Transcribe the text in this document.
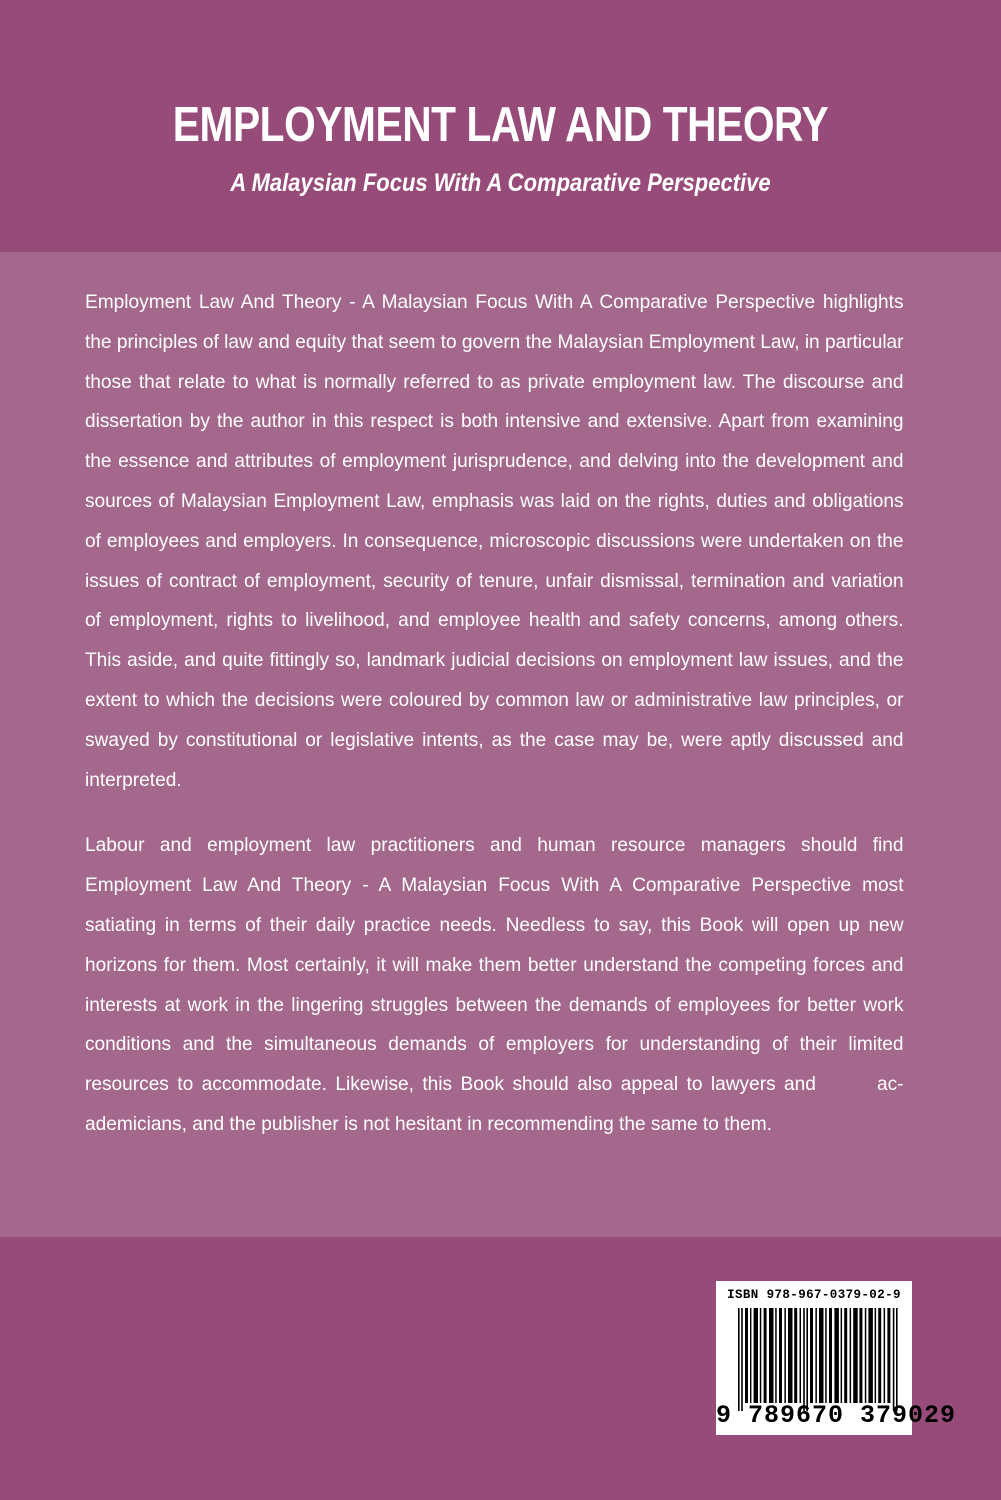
EMPLOYMENT LAW AND THEORY
A Malaysian Focus With A Comparative Perspective

Employment Law And Theory - A Malaysian Focus With A Comparative Perspective highlights the principles of law and equity that seem to govern the Malaysian Employment Law, in particular those that relate to what is normally referred to as private employment law. The discourse and dissertation by the author in this respect is both intensive and extensive. Apart from examining the essence and attributes of employment jurisprudence, and delving into the development and sources of Malaysian Employment Law, emphasis was laid on the rights, duties and obligations of employees and employers. In consequence, microscopic discussions were undertaken on the issues of contract of employment, security of tenure, unfair dismissal, termination and variation of employment, rights to livelihood, and employee health and safety concerns, among others. This aside, and quite fittingly so, landmark judicial decisions on employment law issues, and the extent to which the decisions were coloured by common law or administrative law principles, or swayed by constitutional or legislative intents, as the case may be, were aptly discussed and interpreted.

Labour and employment law practitioners and human resource managers should find Employment Law And Theory - A Malaysian Focus With A Comparative Perspective most satiating in terms of their daily practice needs. Needless to say, this Book will open up new horizons for them. Most certainly, it will make them better understand the competing forces and interests at work in the lingering struggles between the demands of employees for better work conditions and the simultaneous demands of employers for understanding of their limited resources to accommodate. Likewise, this Book should also appeal to lawyers and	ac-ademicians, and the publisher is not hesitant in recommending the same to them.

ISBN 978-967-0379-02-9
9 789670 379029
